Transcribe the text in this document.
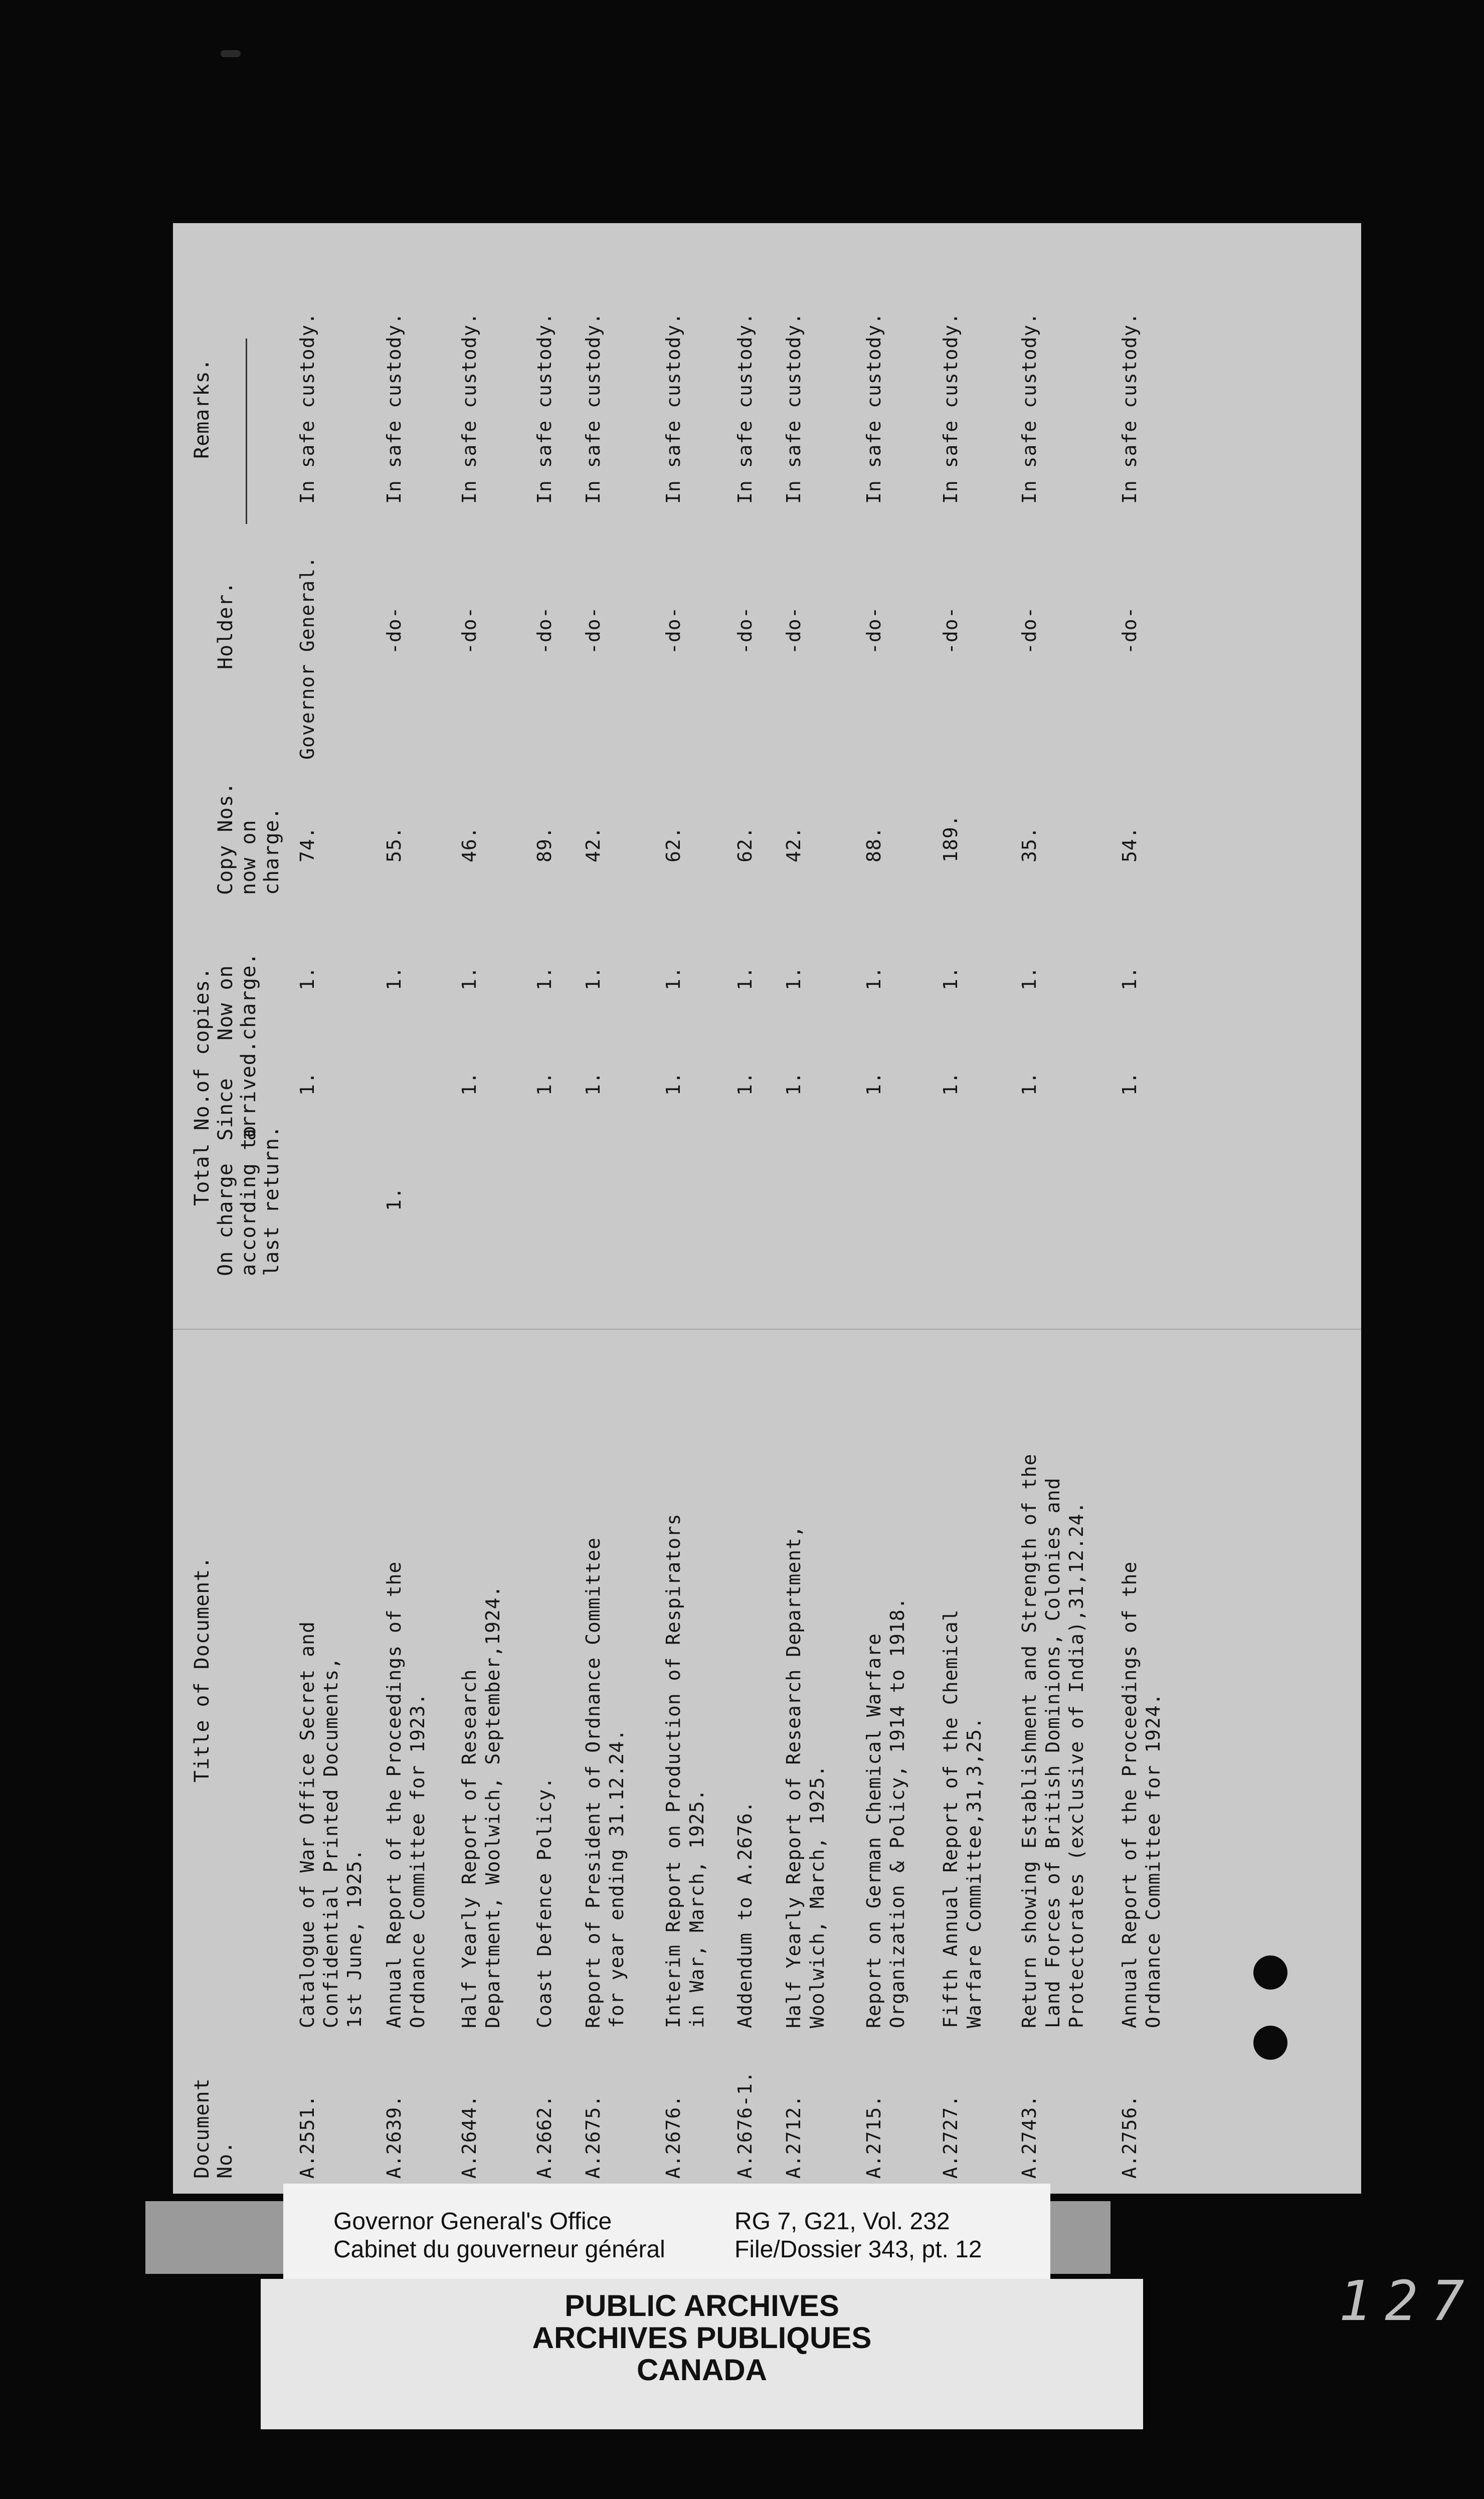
Document
No.
Title of Document.
Total No.of copies.
On charge
according to
last return.
Since
arrived.
Now on
charge.
Copy Nos.
now on
charge.
Holder.
Remarks.
A.2551.
Catalogue of War Office Secret and
Confidential Printed Documents,
1st June, 1925.
1.
1.
74.
Governor General.
In safe custody.
A.2639.
Annual Report of the Proceedings of the
Ordnance Committee for 1923.
1.
1.
55.
-do-
In safe custody.
A.2644.
Half Yearly Report of Research
Department, Woolwich, September,1924.
1.
1.
46.
-do-
In safe custody.
A.2662.
Coast Defence Policy.
1.
1.
89.
-do-
In safe custody.
A.2675.
Report of President of Ordnance Committee
for year ending 31.12.24.
1.
1.
42.
-do-
In safe custody.
A.2676.
Interim Report on Production of Respirators
in War, March, 1925.
1.
1.
62.
-do-
In safe custody.
A.2676-1.
Addendum to A.2676.
1.
1.
62.
-do-
In safe custody.
A.2712.
Half Yearly Report of Research Department,
Woolwich, March, 1925.
1.
1.
42.
-do-
In safe custody.
A.2715.
Report on German Chemical Warfare
Organization & Policy, 1914 to 1918.
1.
1.
88.
-do-
In safe custody.
A.2727.
Fifth Annual Report of the Chemical
Warfare Committee,31,3,25.
1.
1.
189.
-do-
In safe custody.
A.2743.
Return showing Establishment and Strength of the
Land Forces of British Dominions, Colonies and
Protectorates (exclusive of India),31,12.24.
1.
1.
35.
-do-
In safe custody.
A.2756.
Annual Report of the Proceedings of the
Ordnance Committee for 1924.
1.
1.
54.
-do-
In safe custody.
Governor General's Office
Cabinet du gouverneur général
RG 7, G21, Vol. 232
File/Dossier 343, pt. 12
PUBLIC ARCHIVES
ARCHIVES PUBLIQUES
CANADA
127
